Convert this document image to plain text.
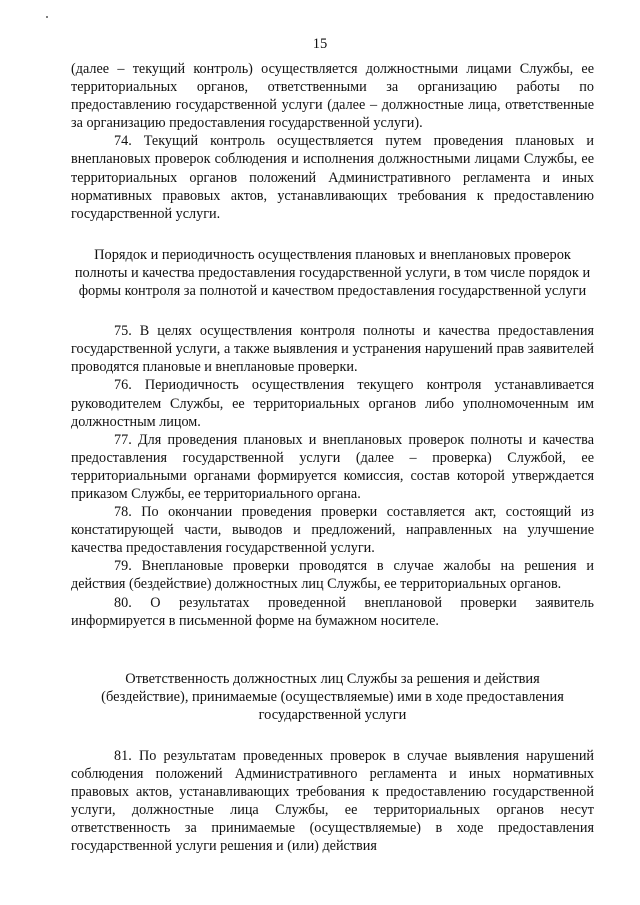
15

(далее – текущий контроль) осуществляется должностными лицами Службы, ее территориальных органов, ответственными за организацию работы по предоставлению государственной услуги (далее – должностные лица, ответственные за организацию предоставления государственной услуги).

74. Текущий контроль осуществляется путем проведения плановых и внеплановых проверок соблюдения и исполнения должностными лицами Службы, ее территориальных органов положений Административного регламента и иных нормативных правовых актов, устанавливающих требования к предоставлению государственной услуги.

Порядок и периодичность осуществления плановых и внеплановых проверок полноты и качества предоставления государственной услуги, в том числе порядок и формы контроля за полнотой и качеством предоставления государственной услуги

75. В целях осуществления контроля полноты и качества предоставления государственной услуги, а также выявления и устранения нарушений прав заявителей проводятся плановые и внеплановые проверки.

76. Периодичность осуществления текущего контроля устанавливается руководителем Службы, ее территориальных органов либо уполномоченным им должностным лицом.

77. Для проведения плановых и внеплановых проверок полноты и качества предоставления государственной услуги (далее – проверка) Службой, ее территориальными органами формируется комиссия, состав которой утверждается приказом Службы, ее территориального органа.

78. По окончании проведения проверки составляется акт, состоящий из констатирующей части, выводов и предложений, направленных на улучшение качества предоставления государственной услуги.

79. Внеплановые проверки проводятся в случае жалобы на решения и действия (бездействие) должностных лиц Службы, ее территориальных органов.

80. О результатах проведенной внеплановой проверки заявитель информируется в письменной форме на бумажном носителе.

Ответственность должностных лиц Службы за решения и действия (бездействие), принимаемые (осуществляемые) ими в ходе предоставления государственной услуги

81. По результатам проведенных проверок в случае выявления нарушений соблюдения положений Административного регламента и иных нормативных правовых актов, устанавливающих требования к предоставлению государственной услуги, должностные лица Службы, ее территориальных органов несут ответственность за принимаемые (осуществляемые) в ходе предоставления государственной услуги решения и (или) действия
